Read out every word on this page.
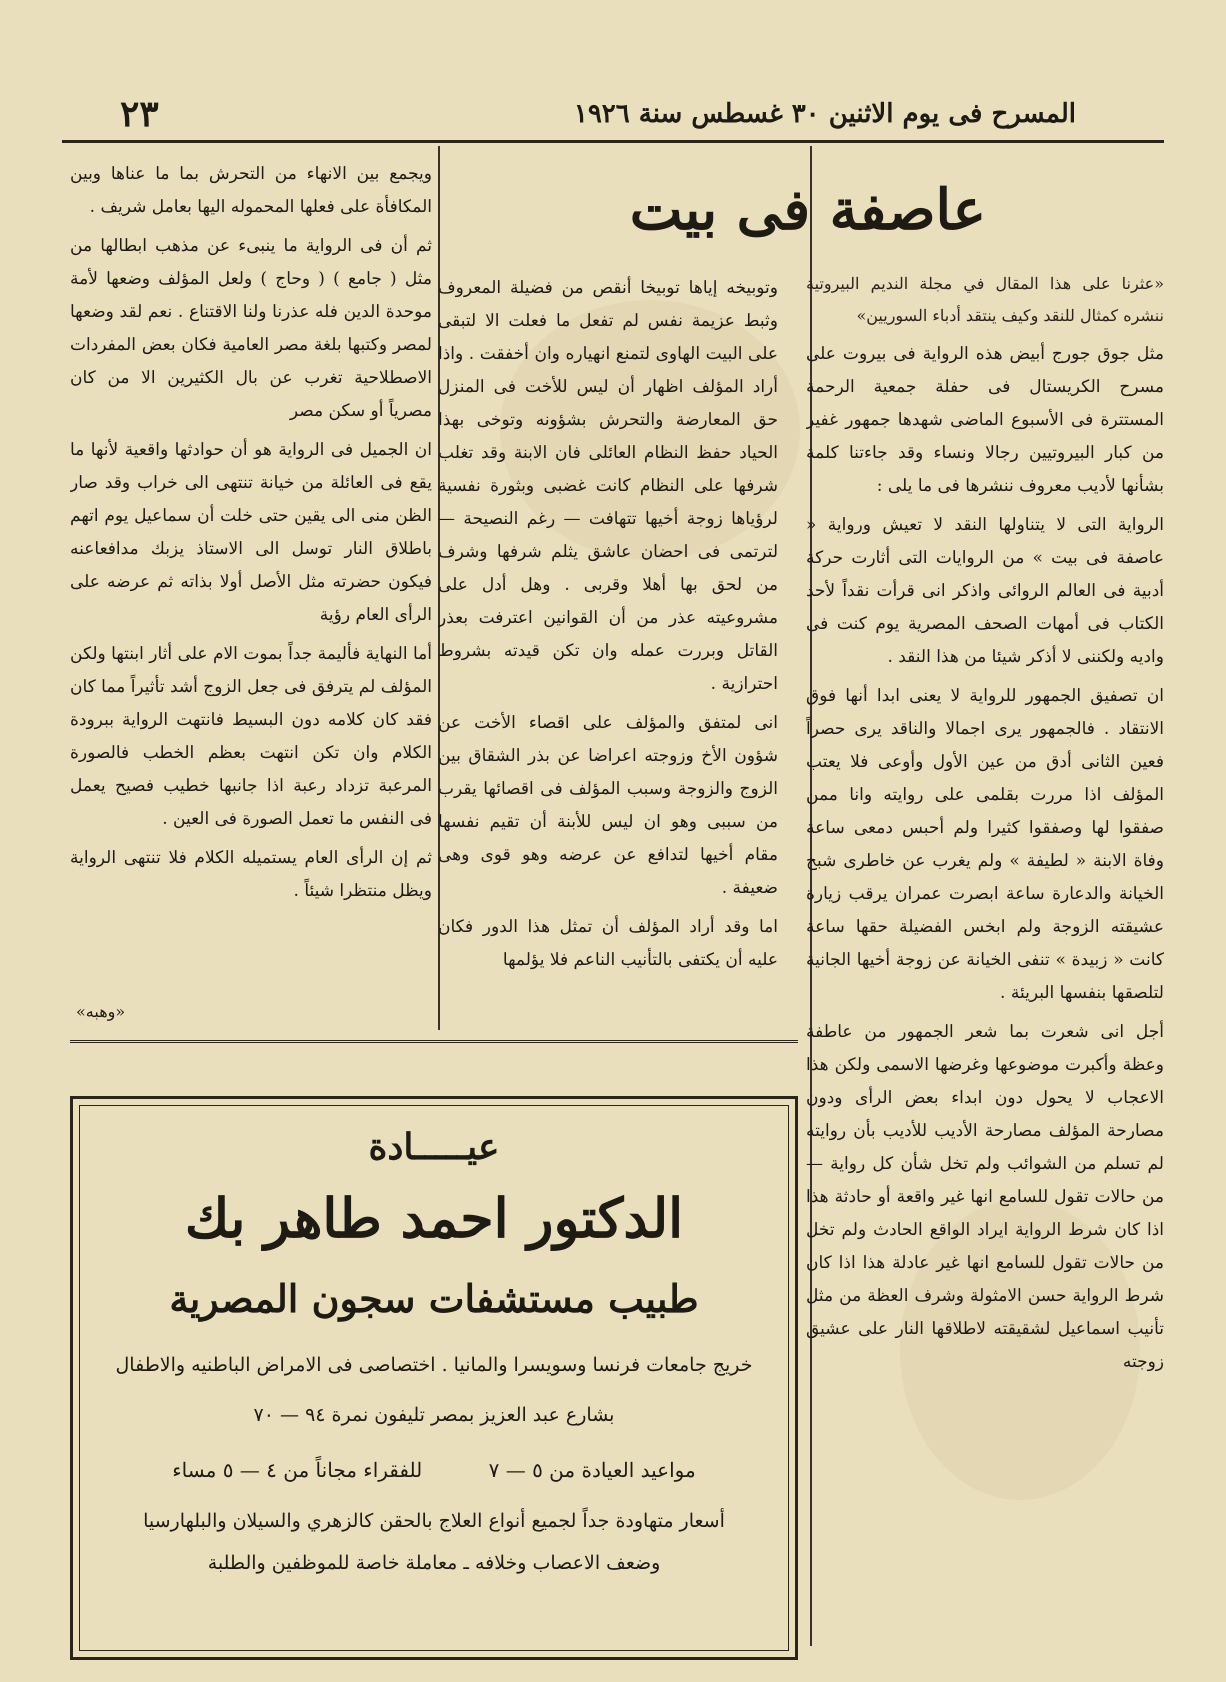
٢٣	المسرح فى يوم الاثنين ٣٠ غسطس سنة ١٩٢٦
عاصفة فى بيت

«عثرنا على هذا المقال في مجلة النديم البيروتية ننشره كمثال للنقد وكيف ينتقد أدباء السوريين»

مثل جوق جورج أبيض هذه الرواية فى بيروت على مسرح الكريستال فى حفلة جمعية الرحمة المستترة فى الأسبوع الماضى شهدها جمهور غفير من كبار البيروتيين رجالا ونساء وقد جاءتنا كلمة بشأنها لأديب معروف ننشرها فى ما يلى :

الرواية التى لا يتناولها النقد لا تعيش ورواية « عاصفة فى بيت » من الروايات التى أثارت حركة أدبية فى العالم الروائى واذكر انى قرأت نقداً لأحد الكتاب فى أمهات الصحف المصرية يوم كنت فى واديه ولكننى لا أذكر شيئا من هذا النقد .

ان تصفيق الجمهور للرواية لا يعنى ابدا أنها فوق الانتقاد . فالجمهور يرى اجمالا والناقد يرى حصراً فعين الثانى أدق من عين الأول وأوعى فلا يعتب المؤلف اذا مررت بقلمى على روايته وانا ممن صفقوا لها وصفقوا كثيرا ولم أحبس دمعى ساعة وفاة الابنة « لطيفة » ولم يغرب عن خاطرى شبح الخيانة والدعارة ساعة ابصرت عمران يرقب زيارة عشيقته الزوجة ولم ابخس الفضيلة حقها ساعة كانت « زبيدة » تنفى الخيانة عن زوجة أخيها الجانية لتلصقها بنفسها البريئة .

أجل انى شعرت بما شعر الجمهور من عاطفة وعظة وأكبرت موضوعها وغرضها الاسمى ولكن هذا الاعجاب لا يحول دون ابداء بعض الرأى ودون مصارحة المؤلف مصارحة الأديب للأديب بأن روايته لم تسلم من الشوائب ولم تخل شأن كل رواية — من حالات تقول للسامع انها غير واقعة أو حادثة هذا اذا كان شرط الرواية ايراد الواقع الحادث ولم تخل من حالات تقول للسامع انها غير عادلة هذا اذا كان شرط الرواية حسن الامثولة وشرف العظة من مثل تأنيب اسماعيل لشقيقته لاطلاقها النار على عشيق زوجته

وتوبيخه إياها توبيخا أنقص من فضيلة المعروف وثبط عزيمة نفس لم تفعل ما فعلت الا لتبقى على البيت الهاوى لتمنع انهياره وان أخفقت . واذا أراد المؤلف اظهار أن ليس للأخت فى المنزل حق المعارضة والتحرش بشؤونه وتوخى بهذا الحياد حفظ النظام العائلى فان الابنة وقد تغلب شرفها على النظام كانت غضبى وبثورة نفسية لرؤياها زوجة أخيها تتهافت — رغم النصيحة — لترتمى فى احضان عاشق يثلم شرفها وشرف من لحق بها أهلا وقربى . وهل أدل على مشروعيته عذر من أن القوانين اعترفت بعذر القاتل وبررت عمله وان تكن قيدته بشروط احترازية .

انى لمتفق والمؤلف على اقصاء الأخت عن شؤون الأخ وزوجته اعراضا عن بذر الشقاق بين الزوج والزوجة وسبب المؤلف فى اقصائها يقرب من سببى وهو ان ليس للأبنة أن تقيم نفسها مقام أخيها لتدافع عن عرضه وهو قوى وهى ضعيفة .

اما وقد أراد المؤلف أن تمثل هذا الدور فكان عليه أن يكتفى بالتأنيب الناعم فلا يؤلمها

ويجمع بين الانهاء من التحرش بما ما عناها وبين المكافأة على فعلها المحموله اليها بعامل شريف .

ثم أن فى الرواية ما ينبىء عن مذهب ابطالها من مثل ( جامع ) ( وحاج ) ولعل المؤلف وضعها لأمة موحدة الدين فله عذرنا ولنا الاقتناع . نعم لقد وضعها لمصر وكتبها بلغة مصر العامية فكان بعض المفردات الاصطلاحية تغرب عن بال الكثيرين الا من كان مصرياً أو سكن مصر

ان الجميل فى الرواية هو أن حوادثها واقعية لأنها ما يقع فى العائلة من خيانة تنتهى الى خراب وقد صار الظن منى الى يقين حتى خلت أن سماعيل يوم اتهم باطلاق النار توسل الى الاستاذ يزبك مدافعاعنه فيكون حضرته مثل الأصل أولا بذاته ثم عرضه على الرأى العام رؤية

أما النهاية فأليمة جداً بموت الام على أثار ابنتها ولكن المؤلف لم يترفق فى جعل الزوج أشد تأثيراً مما كان فقد كان كلامه دون البسيط فانتهت الرواية ببرودة الكلام وان تكن انتهت بعظم الخطب فالصورة المرعبة تزداد رعبة اذا جانبها خطيب فصيح يعمل فى النفس ما تعمل الصورة فى العين .

ثم إن الرأى العام يستميله الكلام فلا تنتهى الرواية ويظل منتظرا شيئاً .

«وهبه»
عيـــــادة
الدكتور احمد طاهر بك
طبيب مستشفات سجون المصرية
خريج جامعات فرنسا وسويسرا والمانيا . اختصاصى فى الامراض الباطنيه والاطفال
بشارع عبد العزيز بمصر تليفون نمرة ٩٤ — ٧٠
مواعيد العيادة من ٥ — ٧ للفقراء مجاناً من ٤ — ٥ مساء
أسعار متهاودة جداً لجميع أنواع العلاج بالحقن كالزهري والسيلان والبلهارسيا
وضعف الاعصاب وخلافه ـ معاملة خاصة للموظفين والطلبة
